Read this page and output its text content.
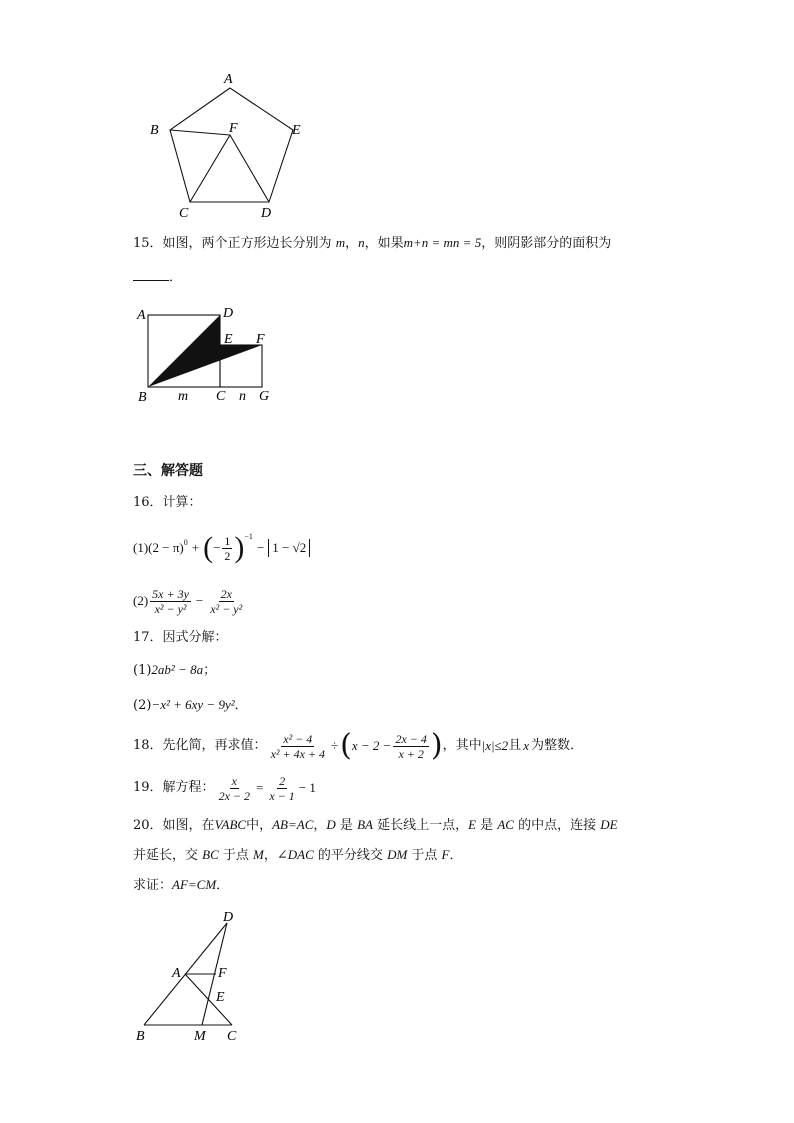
A
B	F	E
C	D
15．如图，两个正方形边长分别为 m，n，如果m+n = mn = 5，则阴影部分的面积为
．
A	D
E F
B m C n G
三、解答题
16．计算：
(1) $(2 - \pi)^0$ + ( − $\frac{1}{2} )^{-1}$
− 1 − √2
$(2) \frac{5x + 3y}{\text{x² − y²}} - \frac{2x}{\text{x² − y²}}$
17．因式分解：
(1)2ab² − 8a；
(2)−x² + 6xy − 9y²．
18． 先化简，再求值： $\frac{\text{x² − 4}}{\text{x² + 4x + 4}}$ ÷ ( $x - 2 - \frac{2x - 4}{x + 2}$ ) ，其中 |x|≤2 且 x 为整数．
19． 解方程： $\frac{x}{2x - 2} = \frac{2}{x - 1} - 1$
20．如图，在VABC中，AB=AC，D 是 BA 延长线上一点，E 是 AC 的中点，连接 DE
并延长，交 BC 于点 M，∠DAC 的平分线交 DM 于点 F．
求证：AF=CM．
D
A	F
E
B	M C
